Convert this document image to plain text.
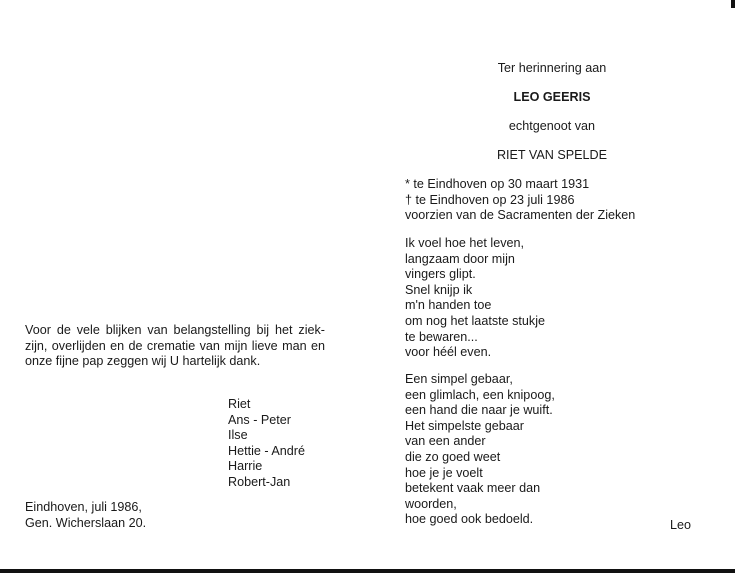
Ter herinnering aan
LEO GEERIS
echtgenoot van
RIET VAN SPELDE
* te Eindhoven op 30 maart 1931
† te Eindhoven op 23 juli 1986
voorzien van de Sacramenten der Zieken
Ik voel hoe het leven,
langzaam door mijn
vingers glipt.
Snel knijp ik
m'n handen toe
om nog het laatste stukje
te bewaren...
voor héél even.
Een simpel gebaar,
een glimlach, een knipoog,
een hand die naar je wuift.
Het simpelste gebaar
van een ander
die zo goed weet
hoe je je voelt
betekent vaak meer dan
woorden,
hoe goed ook bedoeld.	Leo
Voor de vele blijken van belangstelling bij het ziek-zijn, overlijden en de crematie van mijn lieve man en onze fijne pap zeggen wij U hartelijk dank.
Riet
Ans - Peter
Ilse
Hettie - André
Harrie
Robert-Jan
Eindhoven, juli 1986,
Gen. Wicherslaan 20.
